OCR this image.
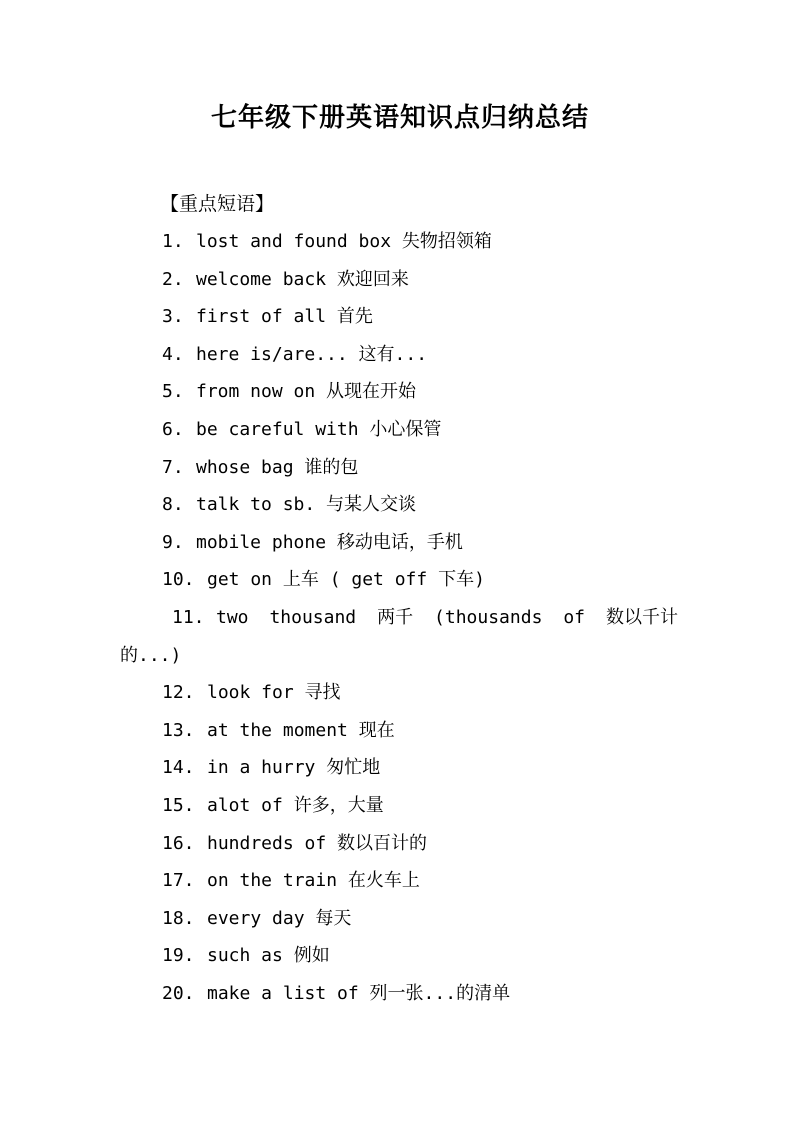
七年级下册英语知识点归纳总结
【重点短语】
1. lost and found box 失物招领箱
2. welcome back 欢迎回来
3. first of all 首先
4. here is/are... 这有...
5. from now on 从现在开始
6. be careful with 小心保管
7. whose bag 谁的包
8. talk to sb. 与某人交谈
9. mobile phone 移动电话，手机
10. get on 上车 ( get off 下车)
11. two thousand 两千 (thousands of 数以千计
的...)
12. look for 寻找
13. at the moment 现在
14. in a hurry 匆忙地
15. alot of 许多，大量
16. hundreds of 数以百计的
17. on the train 在火车上
18. every day 每天
19. such as 例如
20. make a list of 列一张...的清单
